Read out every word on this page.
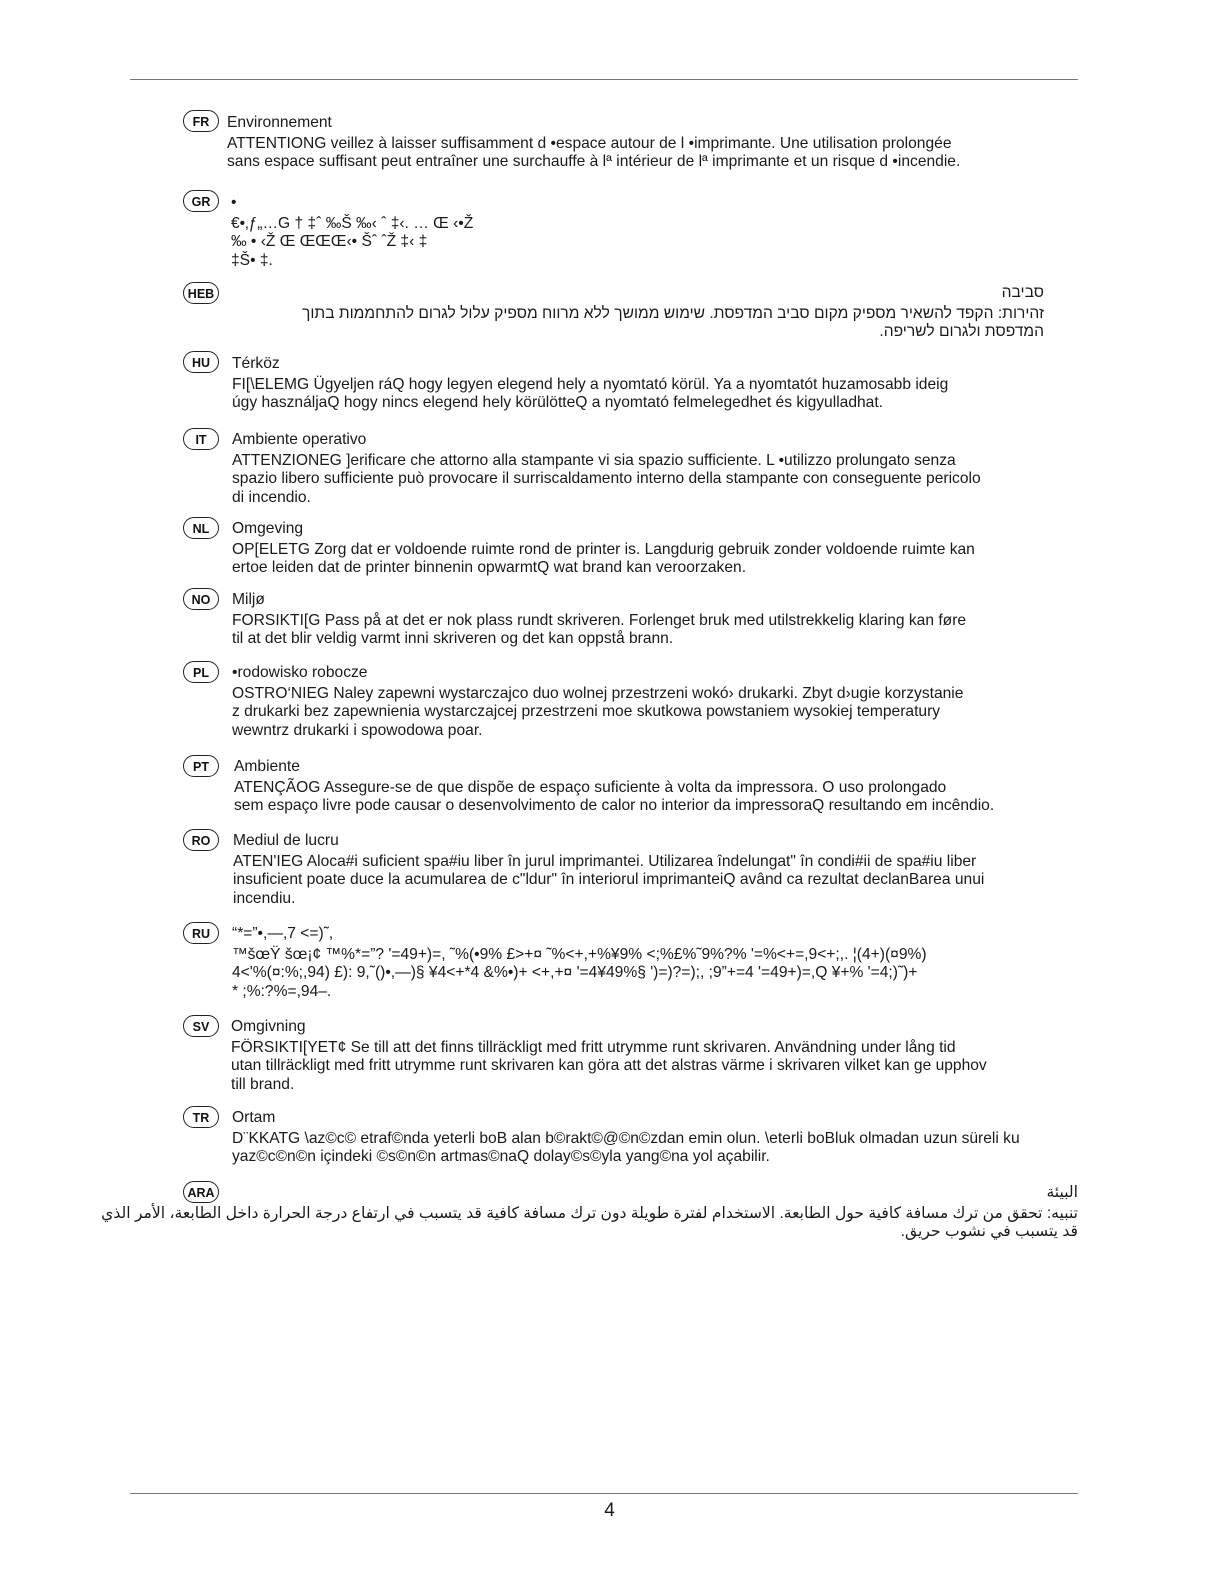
FR	Environnement
ATTENTIONG veillez à laisser suffisamment d •espace autour de l •imprimante. Une utilisation prolongée
sans espace suffisant peut entraîner une surchauffe à lª intérieur de lª imprimante et un risque d •incendie.
GR	•
€•‚ƒ„…G † ‡ˆ ‰Š ‰‹ ˆ ‡‹. … Œ ‹•Ž
‰ • ‹Ž Œ ŒŒŒ‹• Šˆ ˆŽ ‡‹ ‡
‡Š• ‡.
HEB	סביבה
זהירות: הקפד להשאיר מספיק מקום סביב המדפסת. שימוש ממושך ללא מרווח מספיק עלול לגרום להתחממות בתוך
המדפסת ולגרום לשריפה.
HU	Térköz
FI[\ELEMG Ügyeljen ráQ hogy legyen elegend hely a nyomtató körül. Ya a nyomtatót huzamosabb ideig
úgy használjaQ hogy nincs elegend hely körülötteQ a nyomtató felmelegedhet és kigyulladhat.
IT	Ambiente operativo
ATTENZIONEG ]erificare che attorno alla stampante vi sia spazio sufficiente. L •utilizzo prolungato senza
spazio libero sufficiente può provocare il surriscaldamento interno della stampante con conseguente pericolo
di incendio.
NL	Omgeving
OP[ELETG Zorg dat er voldoende ruimte rond de printer is. Langdurig gebruik zonder voldoende ruimte kan
ertoe leiden dat de printer binnenin opwarmtQ wat brand kan veroorzaken.
NO	Miljø
FORSIKTI[G Pass på at det er nok plass rundt skriveren. Forlenget bruk med utilstrekkelig klaring kan føre
til at det blir veldig varmt inni skriveren og det kan oppstå brann.
PL	•rodowisko robocze
OSTRO‘NIEG Naley zapewni wystarczajco duo wolnej przestrzeni wokó› drukarki. Zbyt d›ugie korzystanie
z drukarki bez zapewnienia wystarczajcej przestrzeni moe skutkowa powstaniem wysokiej temperatury
wewntrz drukarki i spowodowa poar.
PT	Ambiente
ATENÇÃOG Assegure-se de que dispõe de espaço suficiente à volta da impressora. O uso prolongado
sem espaço livre pode causar o desenvolvimento de calor no interior da impressoraQ resultando em incêndio.
RO	Mediul de lucru
ATEN'IEG Aloca#i suficient spa#iu liber în jurul imprimantei. Utilizarea îndelungat" în condi#ii de spa#iu liber
insuficient poate duce la acumularea de c"ldur" în interiorul imprimanteiQ având ca rezultat declanBarea unui
incendiu.
RU	“*=”•,—,7 <=)˜,
™šœŸ šœ¡¢ ™%*=”? '=49+)=, ˜%(•9% £>+¤ ˜%<+,+%¥9% <;%£%˜9%?% '=%<+=,9<+;,. ¦(4+)(¤9%)
4<'%(¤:%;,94) £): 9,˜()•,—)§ ¥4<+*4 &%•)+ <+,+¤ '=4¥49%§ ')=)?=);, ;9”+=4 '=49+)=,Q ¥+% '=4;)˜)+
* ;%:?%=,94–.
SV	Omgivning
FÖRSIKTI[YET¢ Se till att det finns tillräckligt med fritt utrymme runt skrivaren. Användning under lång tid
utan tillräckligt med fritt utrymme runt skrivaren kan göra att det alstras värme i skrivaren vilket kan ge upphov
till brand.
TR	Ortam
D¨KKATG \az©c© etraf©nda yeterli boB alan b©rakt©@©n©zdan emin olun. \eterli boBluk olmadan uzun süreli ku
yaz©c©n©n içindeki ©s©n©n artmas©naQ dolay©s©yla yang©na yol açabilir.
ARA	البيئة
تنبيه: تحقق من ترك مسافة كافية حول الطابعة. الاستخدام لفترة طويلة دون ترك مسافة كافية قد يتسبب في ارتفاع درجة الحرارة داخل الطابعة، الأمر الذي
قد يتسبب في نشوب حريق.
4
